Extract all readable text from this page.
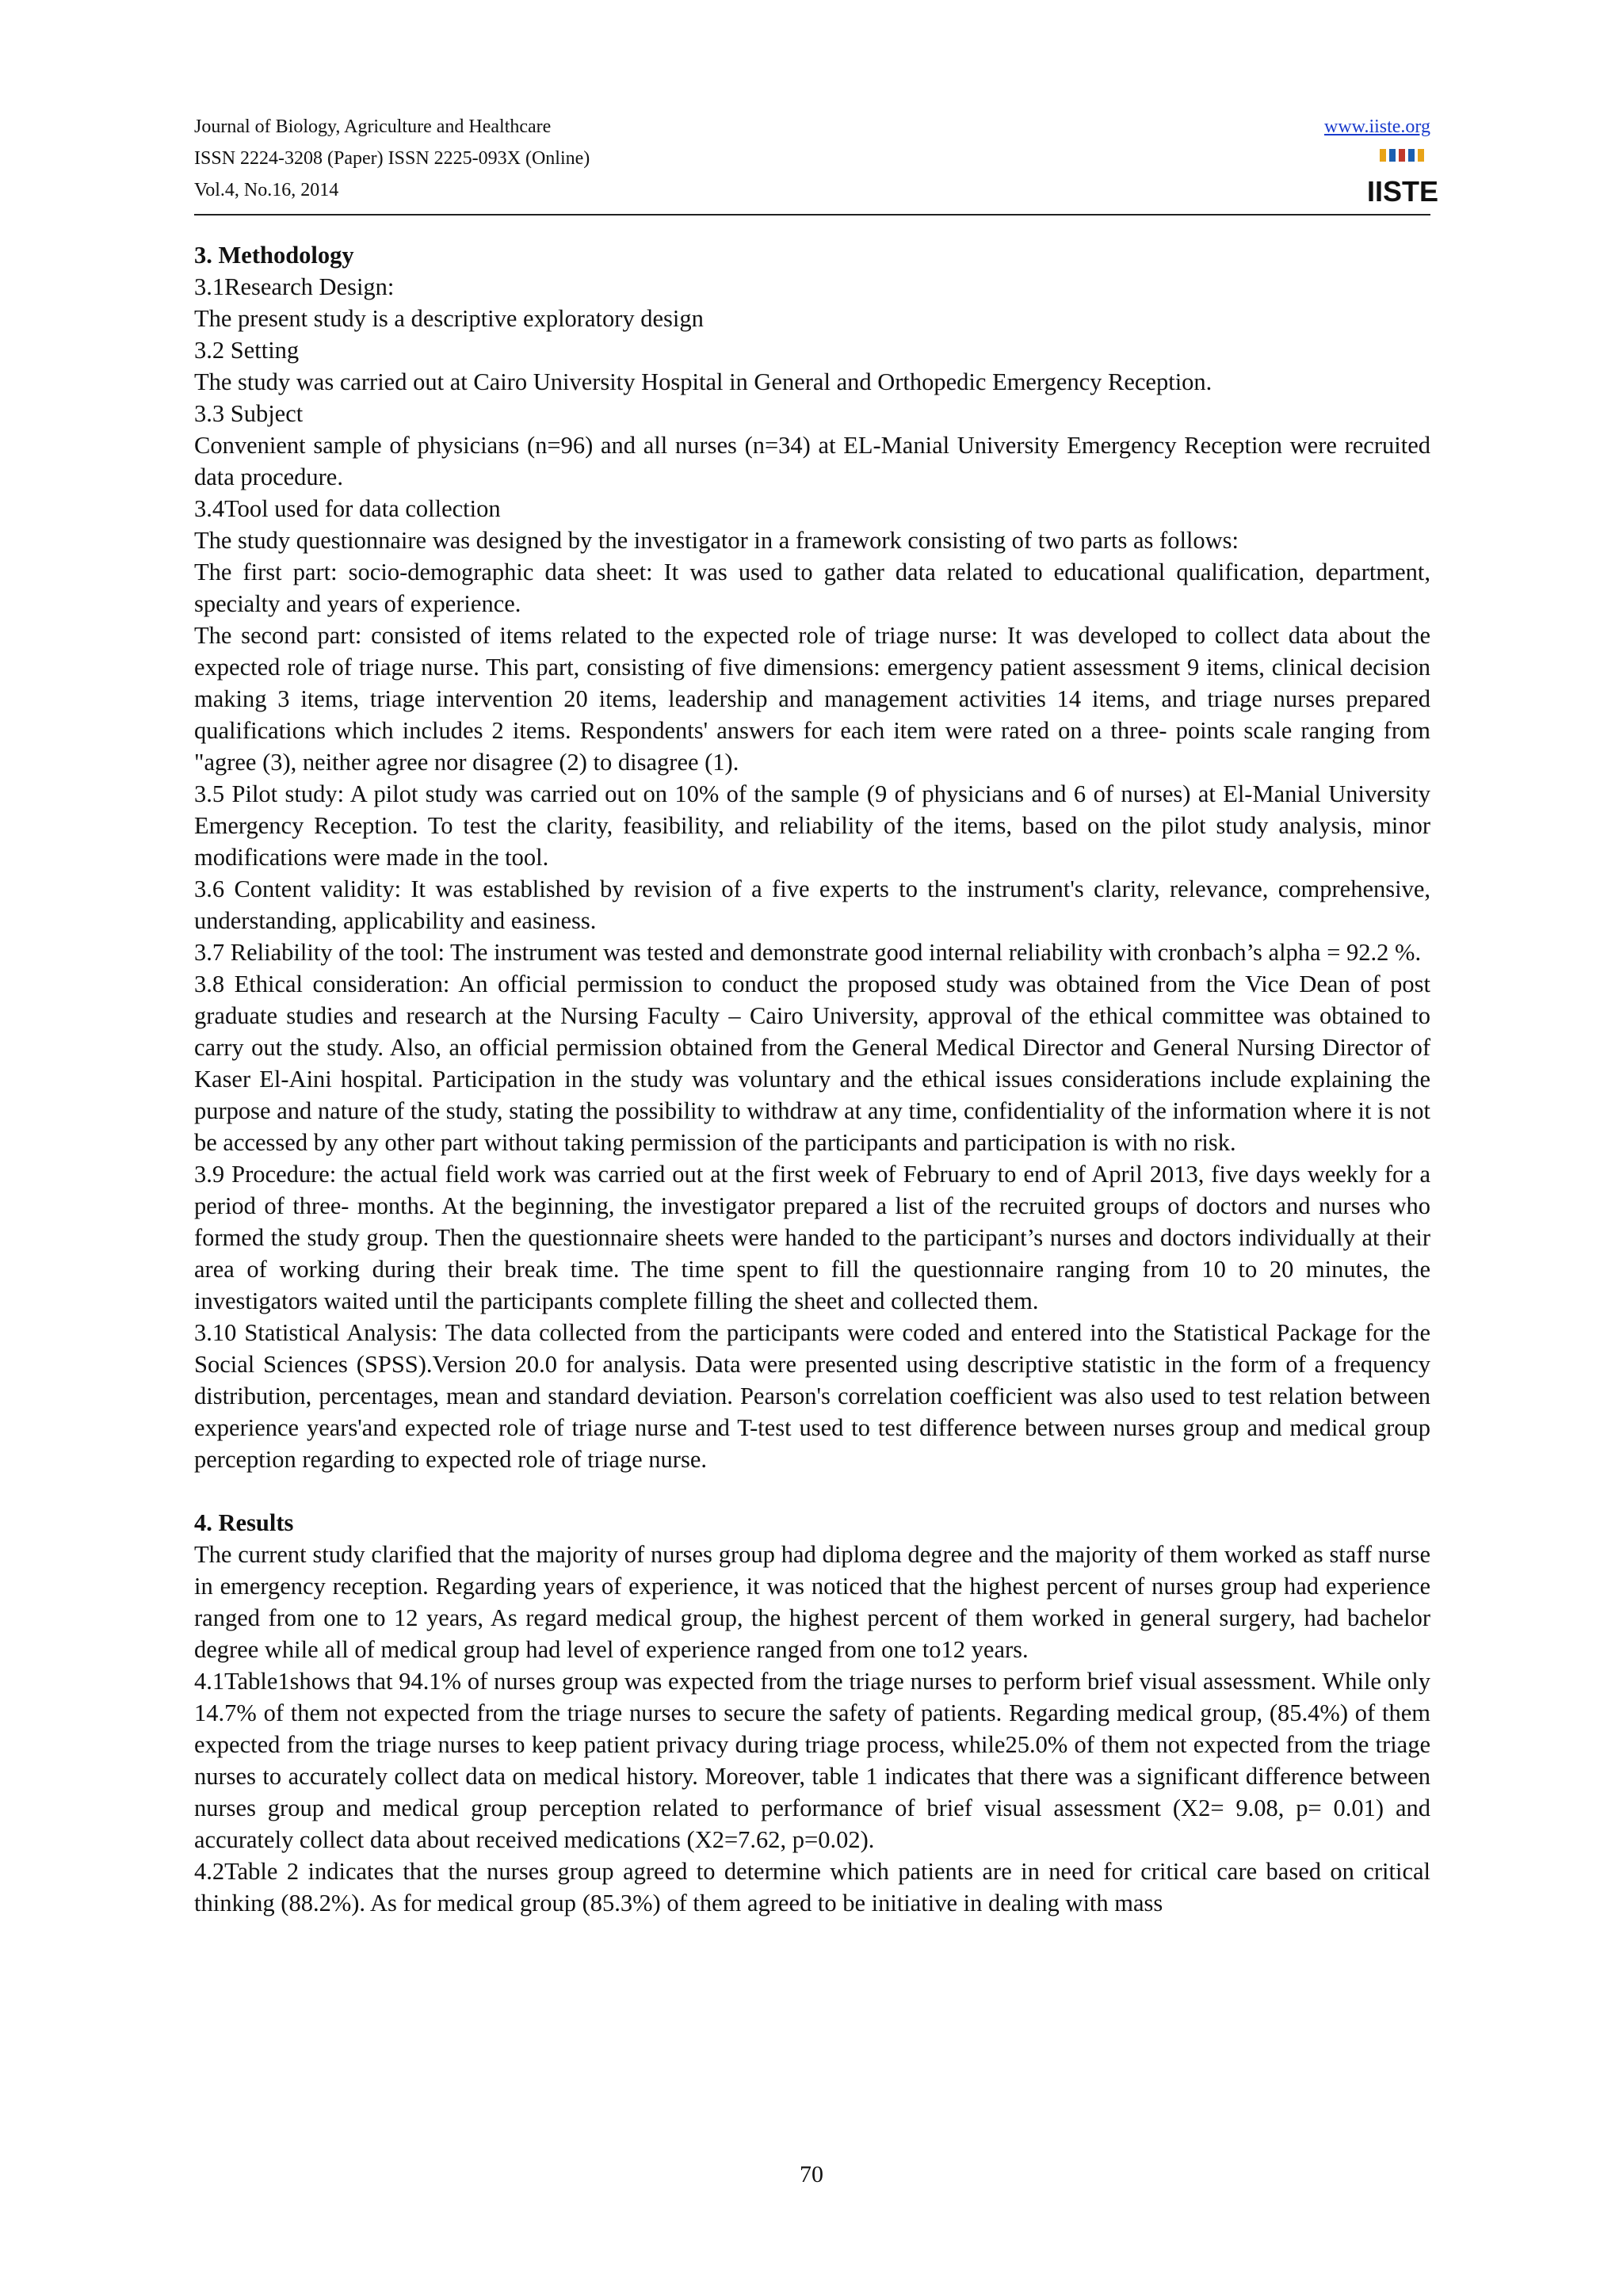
Journal of Biology, Agriculture and Healthcare
ISSN 2224-3208 (Paper) ISSN 2225-093X (Online)
Vol.4, No.16, 2014
www.iiste.org
IISTE
3. Methodology
3.1Research Design:
The present study is a descriptive exploratory design
3.2 Setting
The study was carried out at Cairo University Hospital in General and Orthopedic Emergency Reception.
3.3 Subject

Convenient sample of physicians (n=96) and all nurses (n=34) at EL-Manial University Emergency Reception were recruited data procedure.

3.4Tool used for data collection

The study questionnaire was designed by the investigator in a framework consisting of two parts as follows:

The first part: socio-demographic data sheet: It was used to gather data related to educational qualification, department, specialty and years of experience.

The second part: consisted of items related to the expected role of triage nurse: It was developed to collect data about the expected role of triage nurse. This part, consisting of five dimensions: emergency patient assessment 9 items, clinical decision making 3 items, triage intervention 20 items, leadership and management activities 14 items, and triage nurses prepared qualifications which includes 2 items. Respondents' answers for each item were rated on a three- points scale ranging from "agree (3), neither agree nor disagree (2) to disagree (1).

3.5 Pilot study: A pilot study was carried out on 10% of the sample (9 of physicians and 6 of nurses) at El-Manial University Emergency Reception. To test the clarity, feasibility, and reliability of the items, based on the pilot study analysis, minor modifications were made in the tool.

3.6 Content validity: It was established by revision of a five experts to the instrument's clarity, relevance, comprehensive, understanding, applicability and easiness.

3.7 Reliability of the tool: The instrument was tested and demonstrate good internal reliability with cronbach’s alpha = 92.2 %.

3.8 Ethical consideration: An official permission to conduct the proposed study was obtained from the Vice Dean of post graduate studies and research at the Nursing Faculty – Cairo University, approval of the ethical committee was obtained to carry out the study. Also, an official permission obtained from the General Medical Director and General Nursing Director of Kaser El-Aini hospital. Participation in the study was voluntary and the ethical issues considerations include explaining the purpose and nature of the study, stating the possibility to withdraw at any time, confidentiality of the information where it is not be accessed by any other part without taking permission of the participants and participation is with no risk.

3.9 Procedure: the actual field work was carried out at the first week of February to end of April 2013, five days weekly for a period of three- months. At the beginning, the investigator prepared a list of the recruited groups of doctors and nurses who formed the study group. Then the questionnaire sheets were handed to the participant’s nurses and doctors individually at their area of working during their break time. The time spent to fill the questionnaire ranging from 10 to 20 minutes, the investigators waited until the participants complete filling the sheet and collected them.

3.10 Statistical Analysis: The data collected from the participants were coded and entered into the Statistical Package for the Social Sciences (SPSS).Version 20.0 for analysis. Data were presented using descriptive statistic in the form of a frequency distribution, percentages, mean and standard deviation. Pearson's correlation coefficient was also used to test relation between experience years'and expected role of triage nurse and T-test used to test difference between nurses group and medical group perception regarding to expected role of triage nurse.

4. Results

The current study clarified that the majority of nurses group had diploma degree and the majority of them worked as staff nurse in emergency reception. Regarding years of experience, it was noticed that the highest percent of nurses group had experience ranged from one to 12 years, As regard medical group, the highest percent of them worked in general surgery, had bachelor degree while all of medical group had level of experience ranged from one to12 years.

4.1Table1shows that 94.1% of nurses group was expected from the triage nurses to perform brief visual assessment. While only 14.7% of them not expected from the triage nurses to secure the safety of patients. Regarding medical group, (85.4%) of them expected from the triage nurses to keep patient privacy during triage process, while25.0% of them not expected from the triage nurses to accurately collect data on medical history. Moreover, table 1 indicates that there was a significant difference between nurses group and medical group perception related to performance of brief visual assessment (X2= 9.08, p= 0.01) and accurately collect data about received medications (X2=7.62, p=0.02).

4.2Table 2 indicates that the nurses group agreed to determine which patients are in need for critical care based on critical thinking (88.2%). As for medical group (85.3%) of them agreed to be initiative in dealing with mass

70
